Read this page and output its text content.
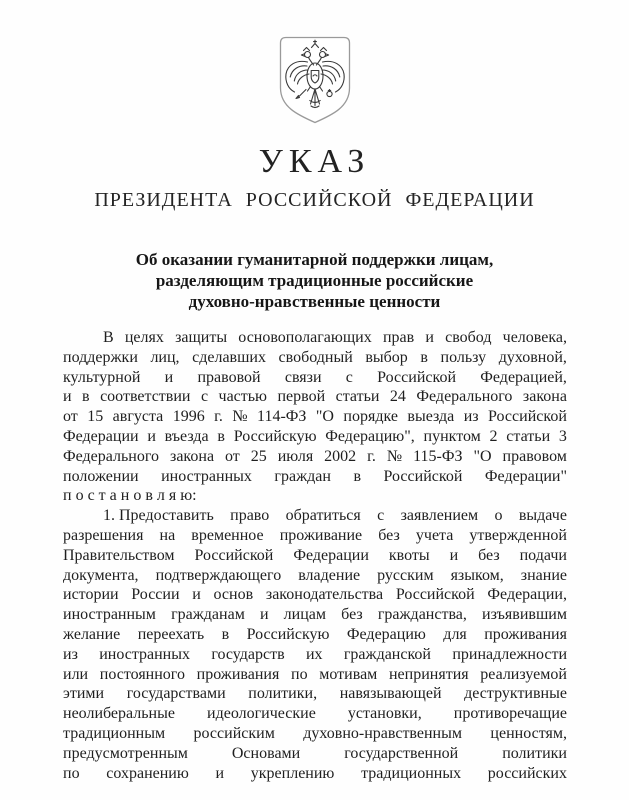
УКАЗ
ПРЕЗИДЕНТА РОССИЙСКОЙ ФЕДЕРАЦИИ
Об оказании гуманитарной поддержки лицам,
разделяющим традиционные российские
духовно-нравственные ценности
В целях защиты основополагающих прав и свобод человека,
поддержки лиц, сделавших свободный выбор в пользу духовной,
культурной и правовой связи с Российской Федерацией,
и в соответствии с частью первой статьи 24 Федерального закона
от 15 августа 1996 г. № 114-ФЗ "О порядке выезда из Российской
Федерации и въезда в Российскую Федерацию", пунктом 2 статьи 3
Федерального закона от 25 июля 2002 г. № 115-ФЗ "О правовом
положении иностранных граждан в Российской Федерации"
п о с т а н о в л я ю:
1. Предоставить право обратиться с заявлением о выдаче
разрешения на временное проживание без учета утвержденной
Правительством Российской Федерации квоты и без подачи
документа, подтверждающего владение русским языком, знание
истории России и основ законодательства Российской Федерации,
иностранным гражданам и лицам без гражданства, изъявившим
желание переехать в Российскую Федерацию для проживания
из иностранных государств их гражданской принадлежности
или постоянного проживания по мотивам непринятия реализуемой
этими государствами политики, навязывающей деструктивные
неолиберальные идеологические установки, противоречащие
традиционным российским духовно-нравственным ценностям,
предусмотренным	Основами	государственной	политики
по сохранению и укреплению традиционных российских
